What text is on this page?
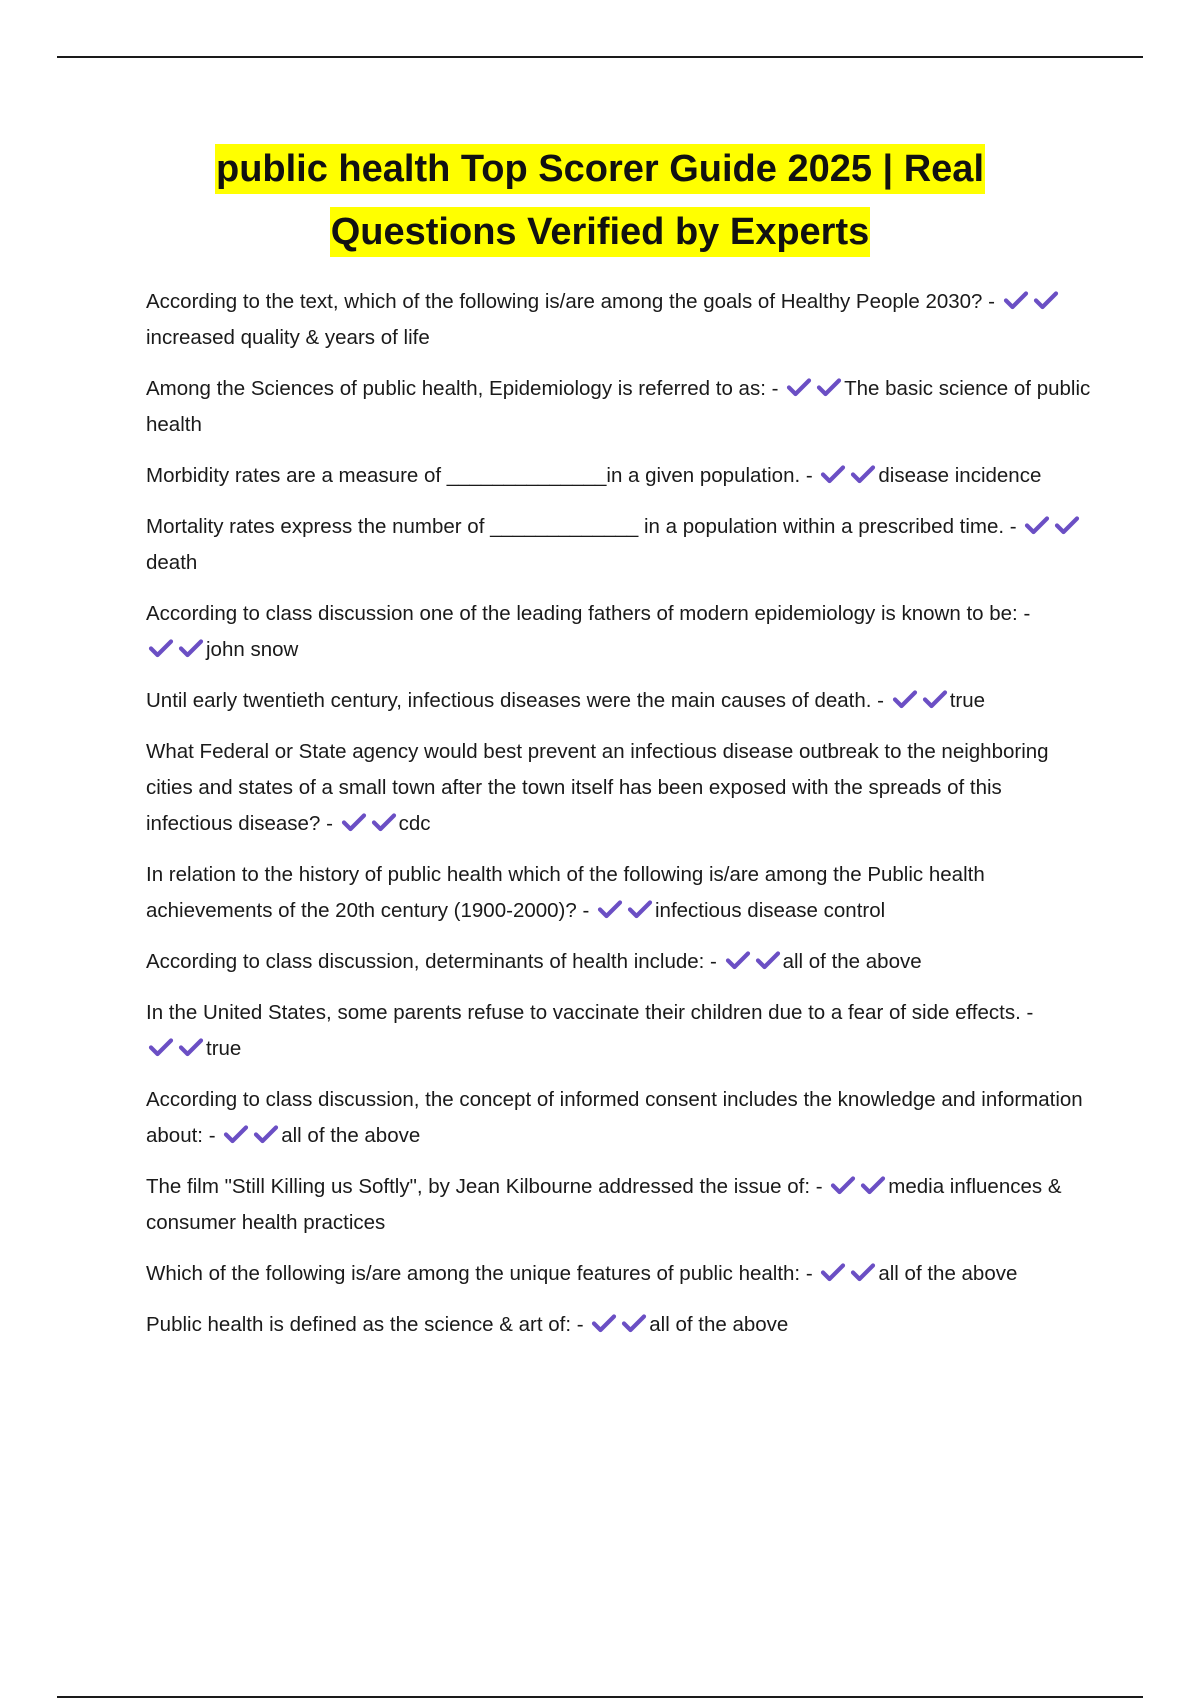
public health Top Scorer Guide 2025 | Real
Questions Verified by Experts
According to the text, which of the following is/are among the goals of Healthy People 2030? -
increased quality & years of life
Among the Sciences of public health, Epidemiology is referred to as: -	The basic science of public health
Morbidity rates are a measure of ______________in a given population. -	disease incidence
Mortality rates express the number of _____________ in a population within a prescribed time. -
death
According to class discussion one of the leading fathers of modern epidemiology is known to be: -
john snow
Until early twentieth century, infectious diseases were the main causes of death. -	true
What Federal or State agency would best prevent an infectious disease outbreak to the neighboring cities and states of a small town after the town itself has been exposed with the spreads of this infectious disease? -	cdc
In relation to the history of public health which of the following is/are among the Public health achievements of the 20th century (1900-2000)? -	infectious disease control
According to class discussion, determinants of health include: -	all of the above
In the United States, some parents refuse to vaccinate their children due to a fear of side effects. -
true
According to class discussion, the concept of informed consent includes the knowledge and information about: -	all of the above
The film "Still Killing us Softly", by Jean Kilbourne addressed the issue of: -	media influences & consumer health practices
Which of the following is/are among the unique features of public health: -	all of the above
Public health is defined as the science & art of: -	all of the above
